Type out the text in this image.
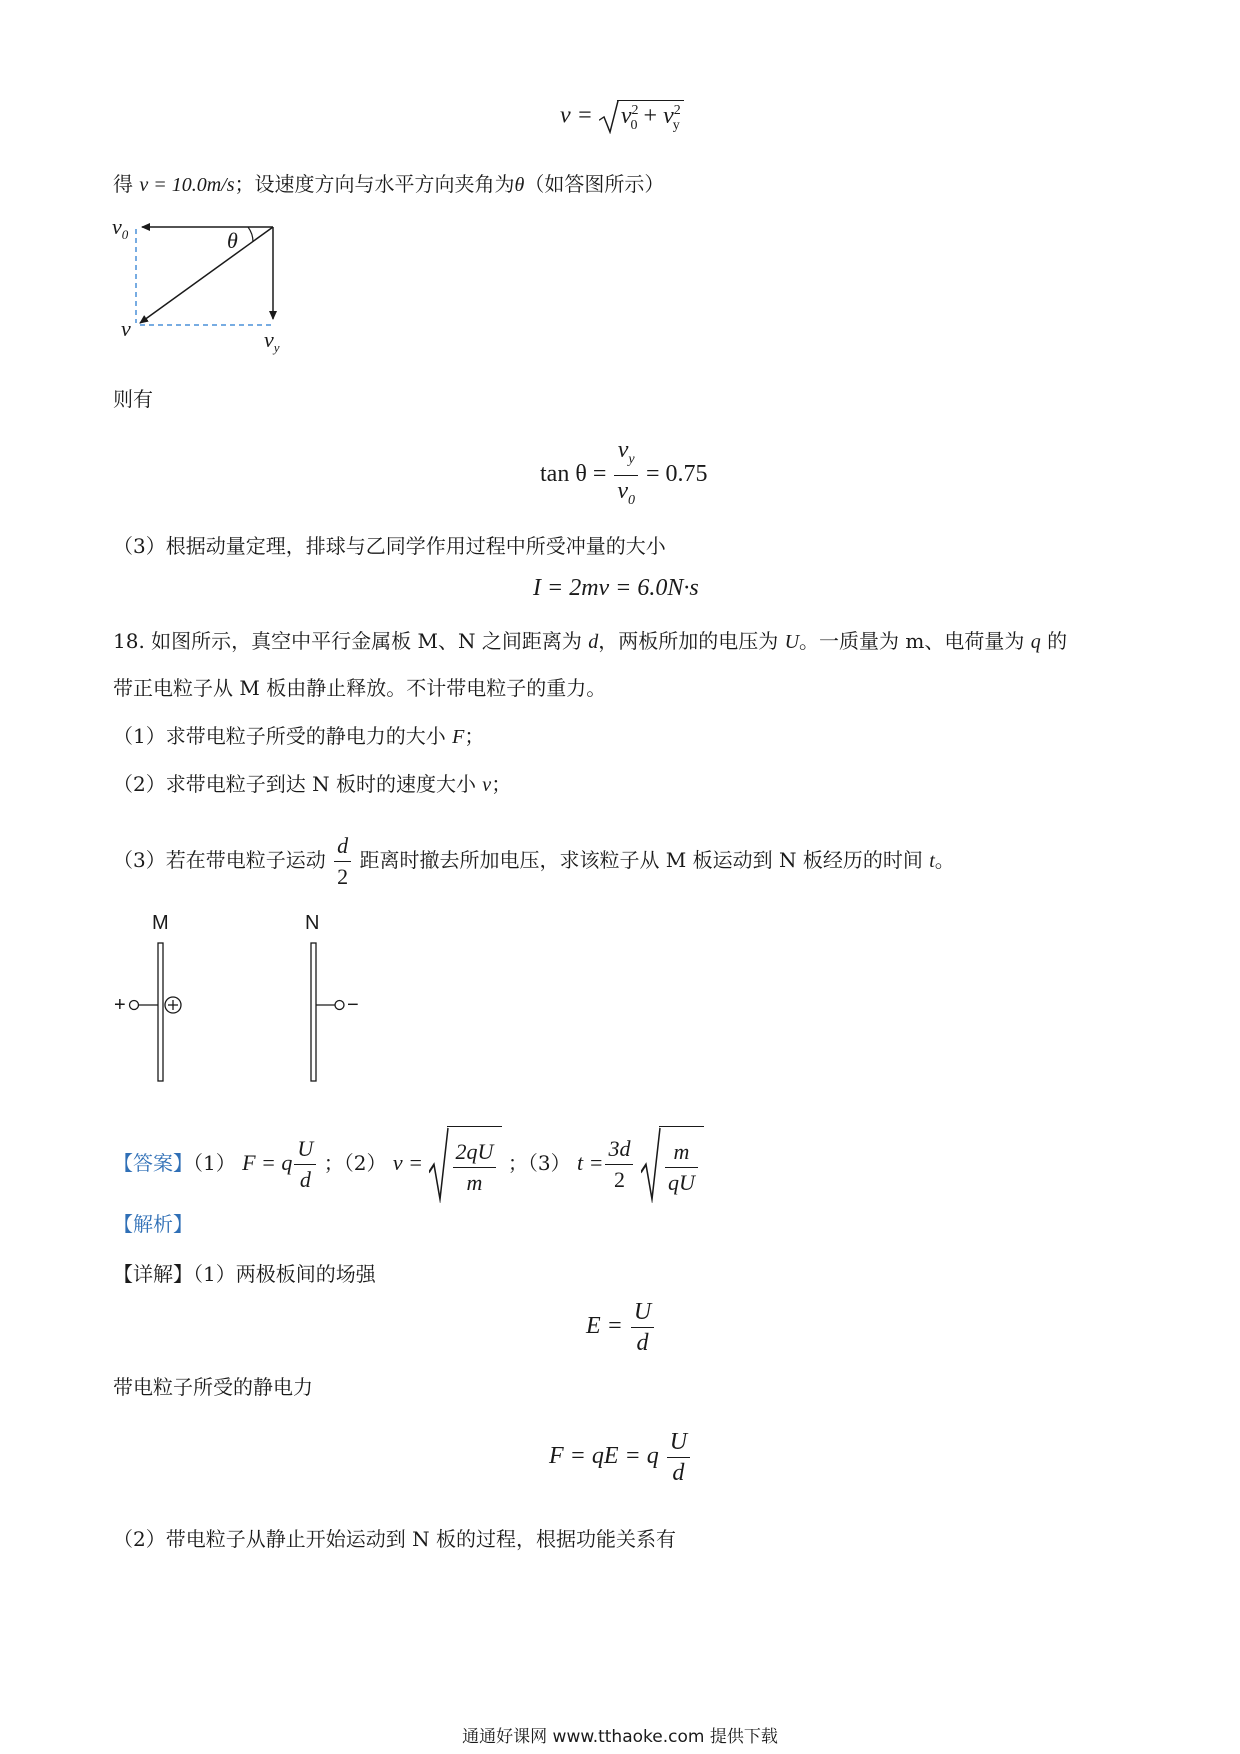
$v = v^2_0 + v^2_y$
得 v = 10.0m/s；设速度方向与水平方向夹角为θ（如答图所示）
$v_0$	θ
v	$v_y$
则有
$\tan \theta = \frac{v_y}{v_0} = 0.75$
（3）根据动量定理，排球与乙同学作用过程中所受冲量的大小
I = 2mv = 6.0N·s
18. 如图所示，真空中平行金属板 M、N 之间距离为 d，两板所加的电压为 U。一质量为 m、电荷量为 q 的
带正电粒子从 M 板由静止释放。不计带电粒子的重力。
（1）求带电粒子所受的静电力的大小 F；
（2）求带电粒子到达 N 板时的速度大小 v；
（3）若在带电粒子运动 $\frac{d}{2}$ 距离时撤去所加电压，求该粒子从 M 板运动到 N 板经历的时间 t。
M	N
+	−
【答案】（1） F = q $\frac{U}{d}$ ；（2） $v = \frac{2qU}{m}$ ；（3） $t = \frac{3d}{2}$
$\frac{m}{qU}$
【解析】
【详解】（1）两极板间的场强
$E = \frac{U}{d}$
带电粒子所受的静电力
F = qE = q $\frac{U}{d}$
（2）带电粒子从静止开始运动到 N 板的过程，根据功能关系有
通通好课网 www.tthaoke.com 提供下载
